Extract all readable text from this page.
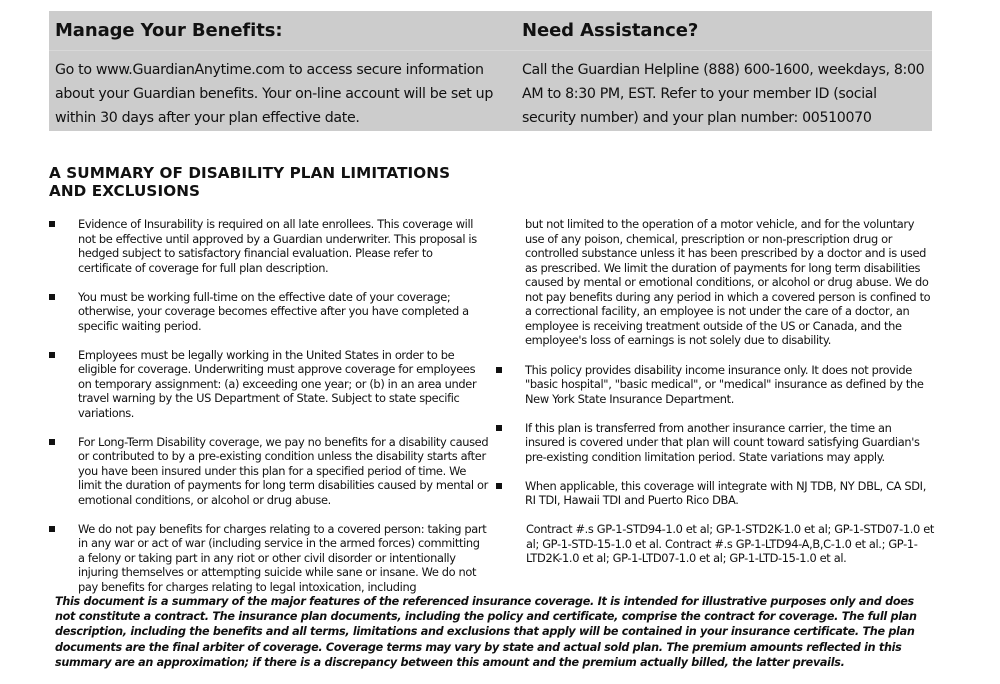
Manage Your Benefits:
Go to www.GuardianAnytime.com to access secure information about your Guardian benefits. Your on-line account will be set up within 30 days after your plan effective date.
Need Assistance?
Call the Guardian Helpline (888) 600-1600, weekdays, 8:00 AM to 8:30 PM, EST. Refer to your member ID (social security number) and your plan number: 00510070
A SUMMARY OF DISABILITY PLAN LIMITATIONS AND EXCLUSIONS
Evidence of Insurability is required on all late enrollees. This coverage will not be effective until approved by a Guardian underwriter. This proposal is hedged subject to satisfactory financial evaluation. Please refer to certificate of coverage for full plan description.
You must be working full-time on the effective date of your coverage; otherwise, your coverage becomes effective after you have completed a specific waiting period.
Employees must be legally working in the United States in order to be eligible for coverage. Underwriting must approve coverage for employees on temporary assignment: (a) exceeding one year; or (b) in an area under travel warning by the US Department of State. Subject to state specific variations.
For Long-Term Disability coverage, we pay no benefits for a disability caused or contributed to by a pre-existing condition unless the disability starts after you have been insured under this plan for a specified period of time. We limit the duration of payments for long term disabilities caused by mental or emotional conditions, or alcohol or drug abuse.
We do not pay benefits for charges relating to a covered person: taking part in any war or act of war (including service in the armed forces) committing a felony or taking part in any riot or other civil disorder or intentionally injuring themselves or attempting suicide while sane or insane. We do not pay benefits for charges relating to legal intoxication, including
but not limited to the operation of a motor vehicle, and for the voluntary use of any poison, chemical, prescription or non-prescription drug or controlled substance unless it has been prescribed by a doctor and is used as prescribed. We limit the duration of payments for long term disabilities caused by mental or emotional conditions, or alcohol or drug abuse. We do not pay benefits during any period in which a covered person is confined to a correctional facility, an employee is not under the care of a doctor, an employee is receiving treatment outside of the US or Canada, and the employee's loss of earnings is not solely due to disability.
This policy provides disability income insurance only. It does not provide "basic hospital", "basic medical", or "medical" insurance as defined by the New York State Insurance Department.
If this plan is transferred from another insurance carrier, the time an insured is covered under that plan will count toward satisfying Guardian's pre-existing condition limitation period. State variations may apply.
When applicable, this coverage will integrate with NJ TDB, NY DBL, CA SDI, RI TDI, Hawaii TDI and Puerto Rico DBA.
Contract #.s GP-1-STD94-1.0 et al; GP-1-STD2K-1.0 et al; GP-1-STD07-1.0 et al; GP-1-STD-15-1.0 et al. Contract #.s GP-1-LTD94-A,B,C-1.0 et al.; GP-1-LTD2K-1.0 et al; GP-1-LTD07-1.0 et al; GP-1-LTD-15-1.0 et al.
This document is a summary of the major features of the referenced insurance coverage. It is intended for illustrative purposes only and does not constitute a contract. The insurance plan documents, including the policy and certificate, comprise the contract for coverage. The full plan description, including the benefits and all terms, limitations and exclusions that apply will be contained in your insurance certificate. The plan documents are the final arbiter of coverage. Coverage terms may vary by state and actual sold plan. The premium amounts reflected in this summary are an approximation; if there is a discrepancy between this amount and the premium actually billed, the latter prevails.
